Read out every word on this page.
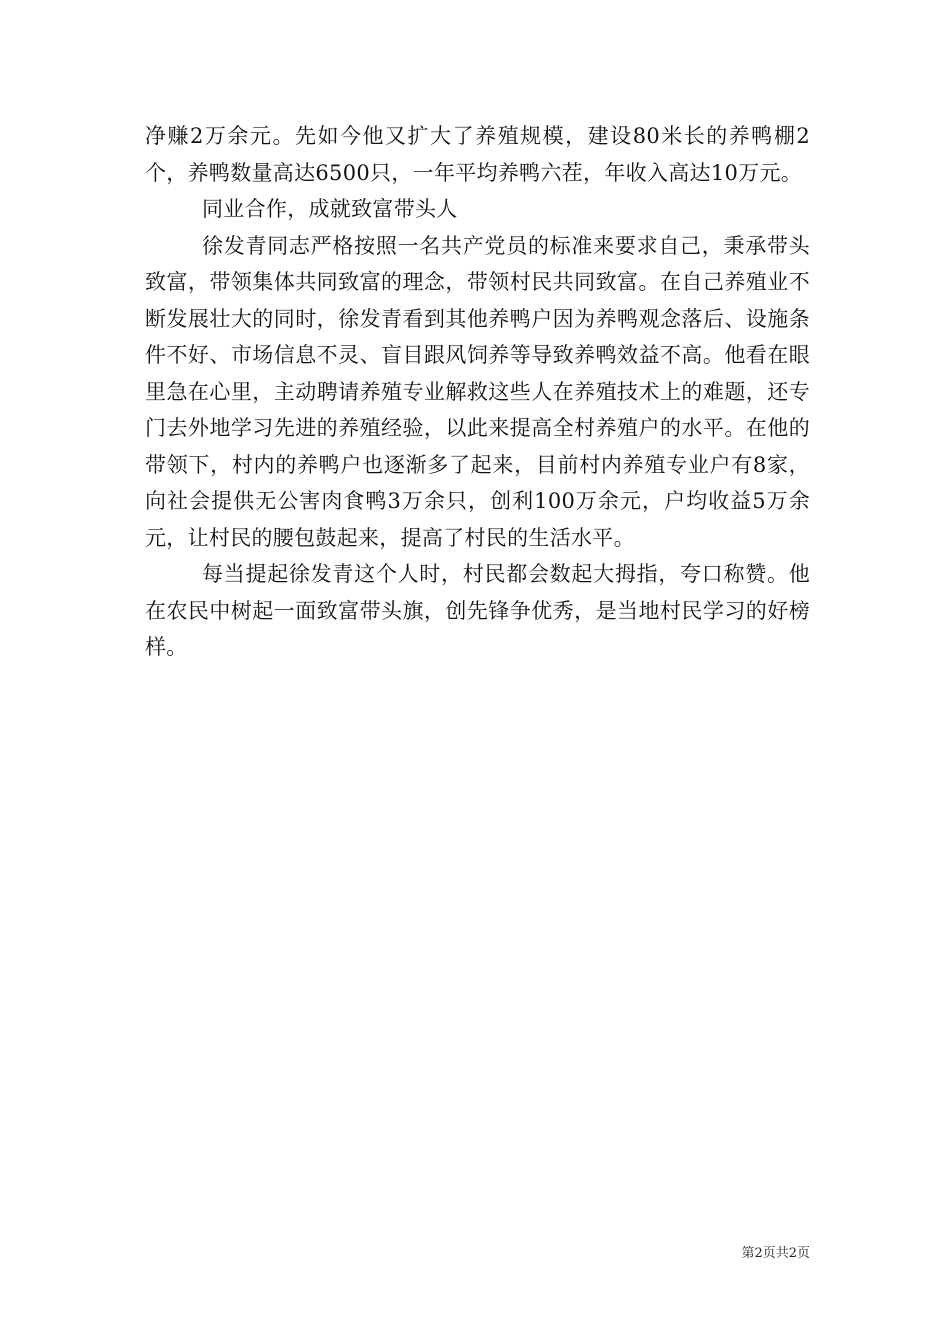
净赚2万余元。先如今他又扩大了养殖规模，建设80米长的养鸭棚2个，养鸭数量高达6500只，一年平均养鸭六茬，年收入高达10万元。

同业合作，成就致富带头人

徐发青同志严格按照一名共产党员的标准来要求自己，秉承带头致富，带领集体共同致富的理念，带领村民共同致富。在自己养殖业不断发展壮大的同时，徐发青看到其他养鸭户因为养鸭观念落后、设施条件不好、市场信息不灵、盲目跟风饲养等导致养鸭效益不高。他看在眼里急在心里，主动聘请养殖专业解救这些人在养殖技术上的难题，还专门去外地学习先进的养殖经验，以此来提高全村养殖户的水平。在他的带领下，村内的养鸭户也逐渐多了起来，目前村内养殖专业户有8家，向社会提供无公害肉食鸭3万余只，创利100万余元，户均收益5万余元，让村民的腰包鼓起来，提高了村民的生活水平。

每当提起徐发青这个人时，村民都会数起大拇指，夸口称赞。他在农民中树起一面致富带头旗，创先锋争优秀，是当地村民学习的好榜样。

第2页共2页
